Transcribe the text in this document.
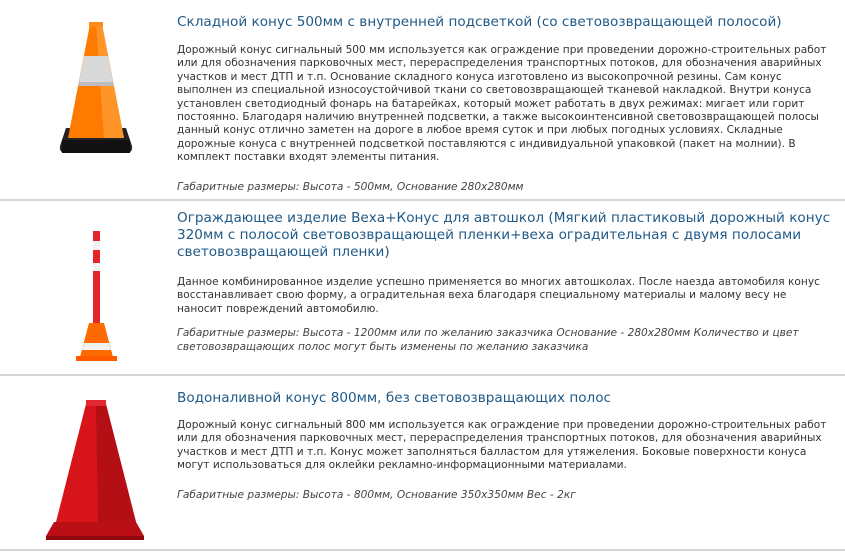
Складной конус 500мм с внутренней подсветкой (со световозвращающей полосой)

Дорожный конус сигнальный 500 мм используется как ограждение при проведении дорожно-строительных работ или для обозначения парковочных мест, перераспределения транспортных потоков, для обозначения аварийных участков и мест ДТП и т.п. Основание складного конуса изготовлено из высокопрочной резины. Сам конус выполнен из специальной износоустойчивой ткани со световозвращающей тканевой накладкой. Внутри конуса установлен светодиодный фонарь на батарейках, который может работать в двух режимах: мигает или горит постоянно. Благодаря наличию внутренней подсветки, а также высокоинтенсивной световозвращающей полосы данный конус отлично заметен на дороге в любое время суток и при любых погодных условиях. Складные дорожные конуса с внутренней подсветкой поставляются с индивидуальной упаковкой (пакет на молнии). В комплект поставки входят элементы питания.

Габаритные размеры: Высота - 500мм, Основание 280х280мм

Ограждающее изделие Веха+Конус для автошкол (Мягкий пластиковый дорожный конус 320мм с полосой световозвращающей пленки+веха оградительная с двумя полосами световозвращающей пленки)

Данное комбинированное изделие успешно применяется во многих автошколах. После наезда автомобиля конус восстанавливает свою форму, а оградительная веха благодаря специальному материалы и малому весу не наносит повреждений автомобилю.

Габаритные размеры: Высота - 1200мм или по желанию заказчика Основание - 280х280мм Количество и цвет световозвращающих полос могут быть изменены по желанию заказчика

Водоналивной конус 800мм, без световозвращающих полос

Дорожный конус сигнальный 800 мм используется как ограждение при проведении дорожно-строительных работ или для обозначения парковочных мест, перераспределения транспортных потоков, для обозначения аварийных участков и мест ДТП и т.п. Конус может заполняться балластом для утяжеления. Боковые поверхности конуса могут использоваться для оклейки рекламно-информационными материалами.

Габаритные размеры: Высота - 800мм, Основание 350х350мм Вес - 2кг
